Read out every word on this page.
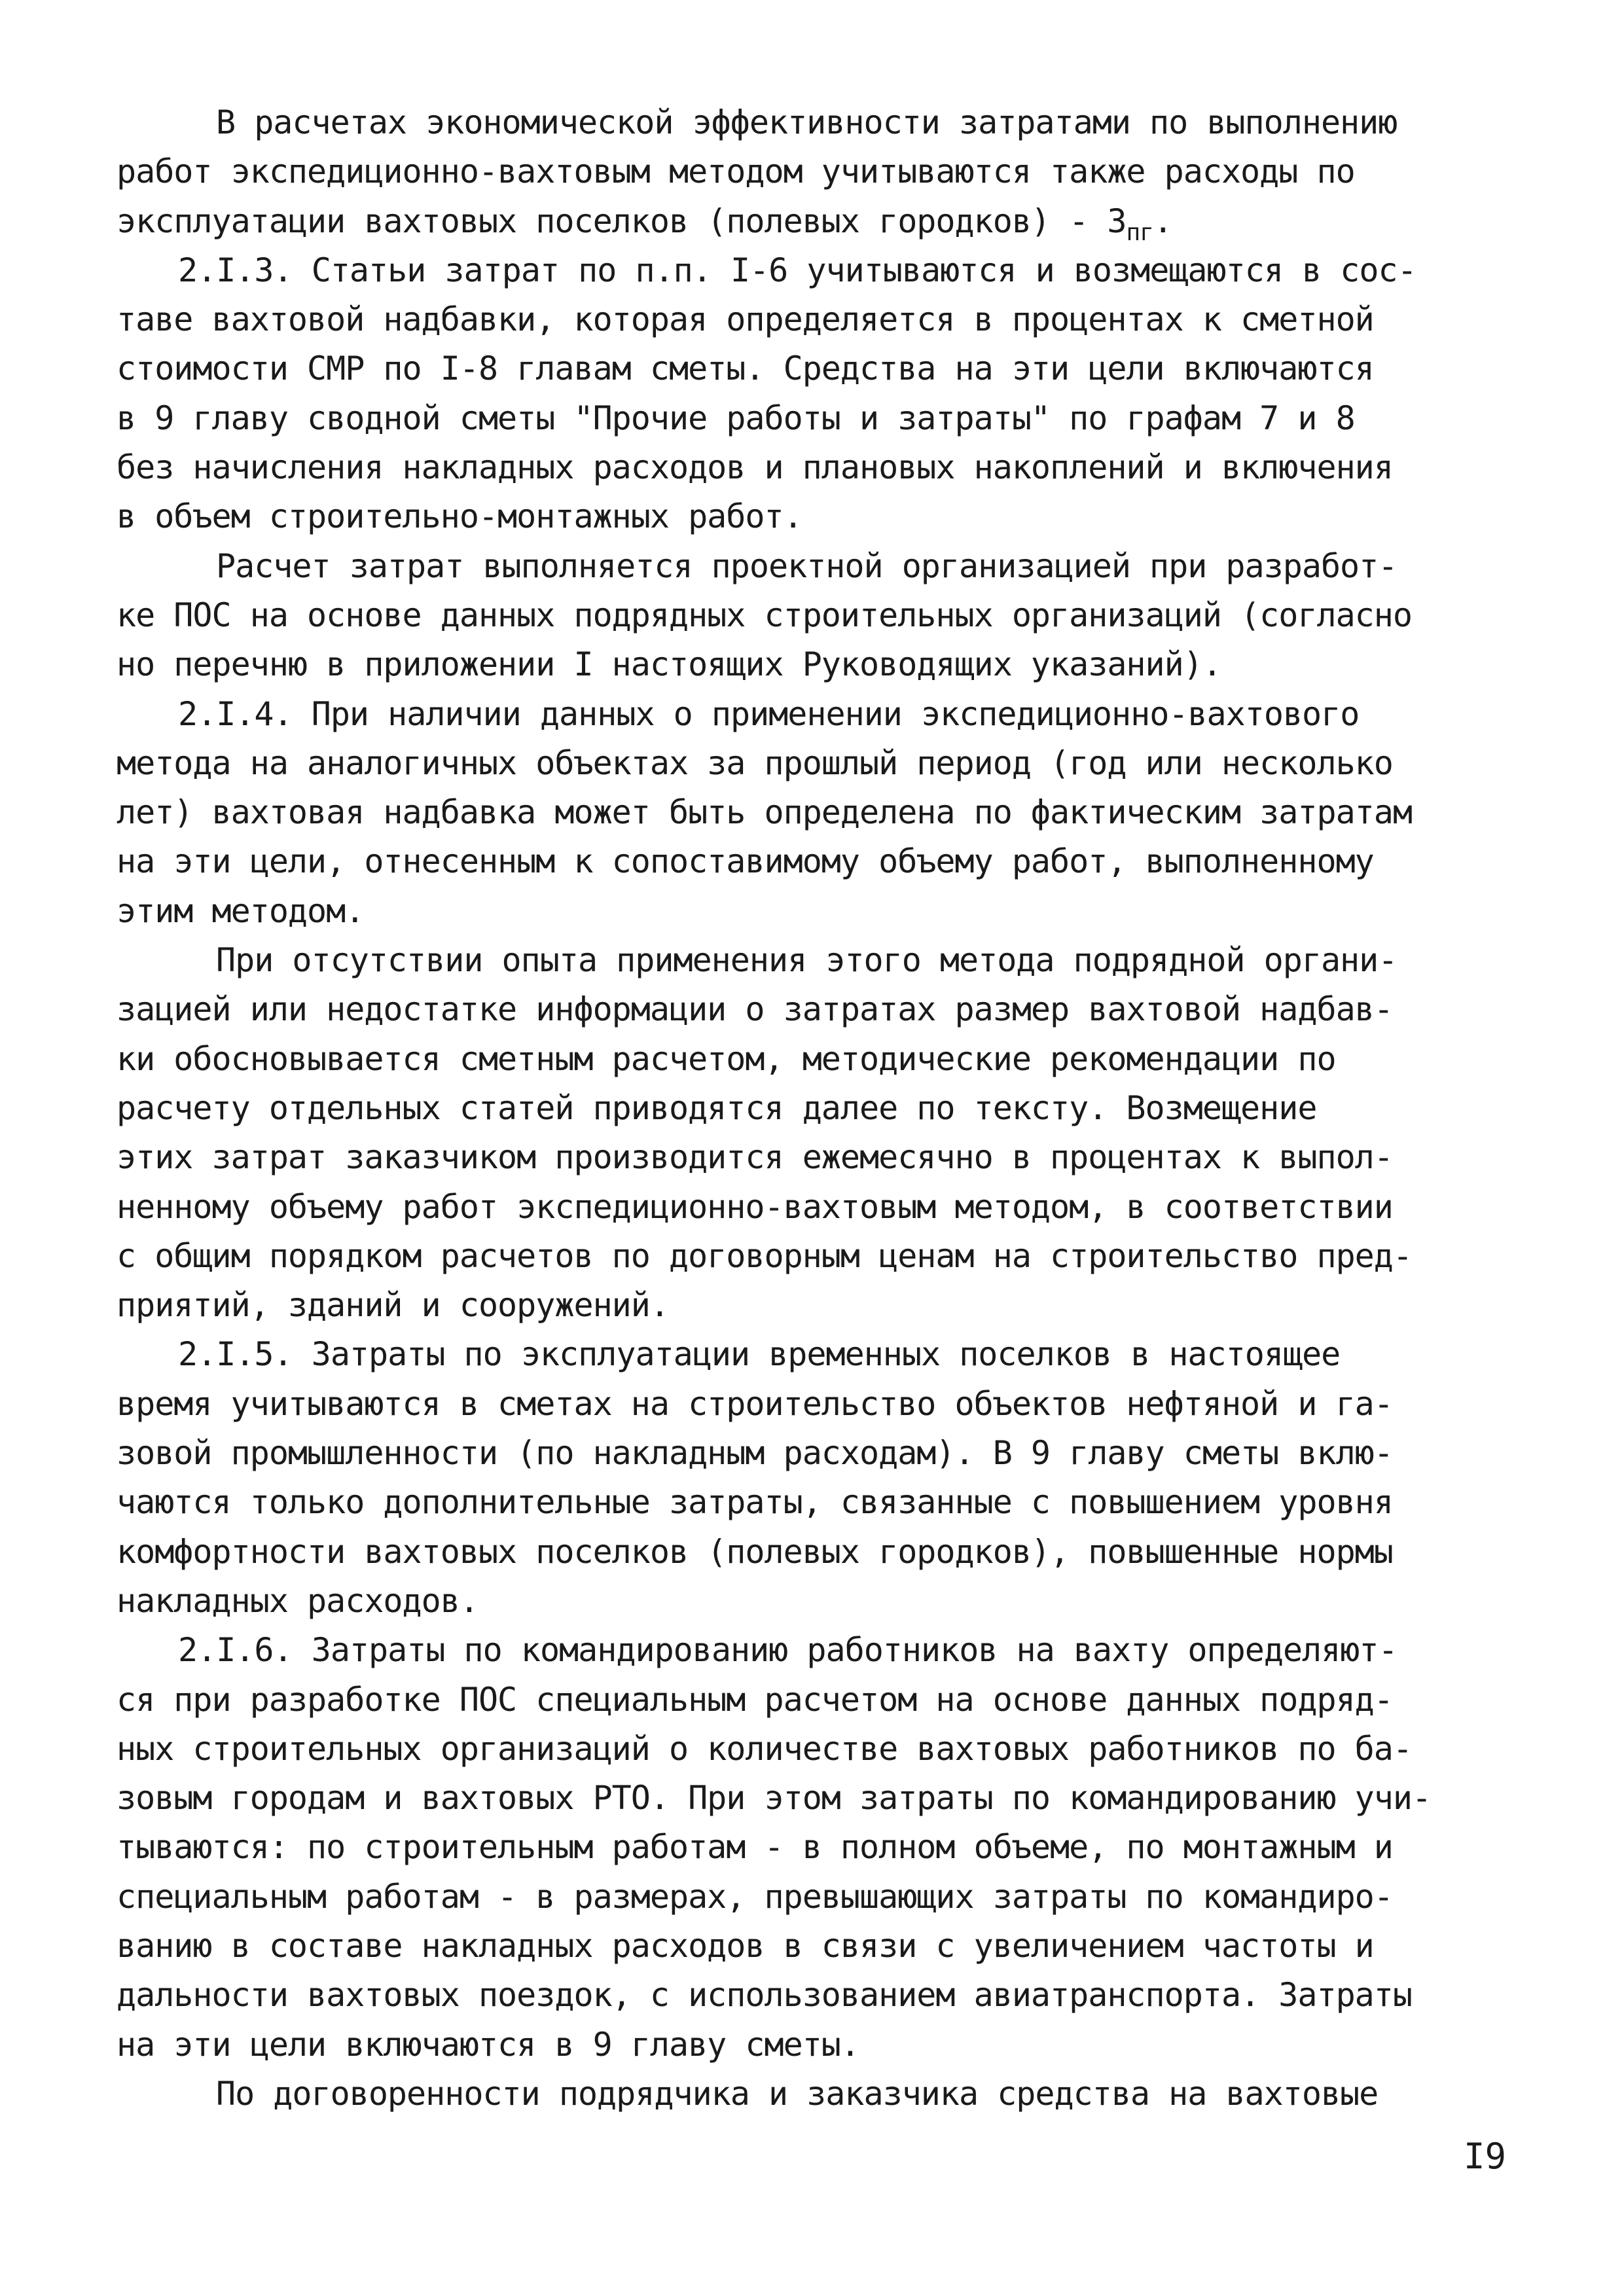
В расчетах экономической эффективности затратами по выполнению
работ экспедиционно-вахтовым методом учитываются также расходы по
эксплуатации вахтовых поселков (полевых городков) - $З_{пг}$.
2.I.3. Статьи затрат по п.п. I-6 учитываются и возмещаются в сос-
таве вахтовой надбавки, которая определяется в процентах к сметной
стоимости СМР по I-8 главам сметы. Средства на эти цели включаются
в 9 главу сводной сметы "Прочие работы и затраты" по графам 7 и 8
без начисления накладных расходов и плановых накоплений и включения
в объем строительно-монтажных работ.
Расчет затрат выполняется проектной организацией при разработ-
ке ПОС на основе данных подрядных строительных организаций (согласно
но перечню в приложении I настоящих Руководящих указаний).
2.I.4. При наличии данных о применении экспедиционно-вахтового
метода на аналогичных объектах за прошлый период (год или несколько
лет) вахтовая надбавка может быть определена по фактическим затратам
на эти цели, отнесенным к сопоставимому объему работ, выполненному
этим методом.
При отсутствии опыта применения этого метода подрядной органи-
зацией или недостатке информации о затратах размер вахтовой надбав-
ки обосновывается сметным расчетом, методические рекомендации по
расчету отдельных статей приводятся далее по тексту. Возмещение
этих затрат заказчиком производится ежемесячно в процентах к выпол-
ненному объему работ экспедиционно-вахтовым методом, в соответствии
с общим порядком расчетов по договорным ценам на строительство пред-
приятий, зданий и сооружений.
2.I.5. Затраты по эксплуатации временных поселков в настоящее
время учитываются в сметах на строительство объектов нефтяной и га-
зовой промышленности (по накладным расходам). В 9 главу сметы вклю-
чаются только дополнительные затраты, связанные с повышением уровня
комфортности вахтовых поселков (полевых городков), повышенные нормы
накладных расходов.
2.I.6. Затраты по командированию работников на вахту определяют-
ся при разработке ПОС специальным расчетом на основе данных подряд-
ных строительных организаций о количестве вахтовых работников по ба-
зовым городам и вахтовых РТО. При этом затраты по командированию учи-
тываются: по строительным работам - в полном объеме, по монтажным и
специальным работам - в размерах, превышающих затраты по командиро-
ванию в составе накладных расходов в связи с увеличением частоты и
дальности вахтовых поездок, с использованием авиатранспорта. Затраты
на эти цели включаются в 9 главу сметы.
По договоренности подрядчика и заказчика средства на вахтовые
I9
